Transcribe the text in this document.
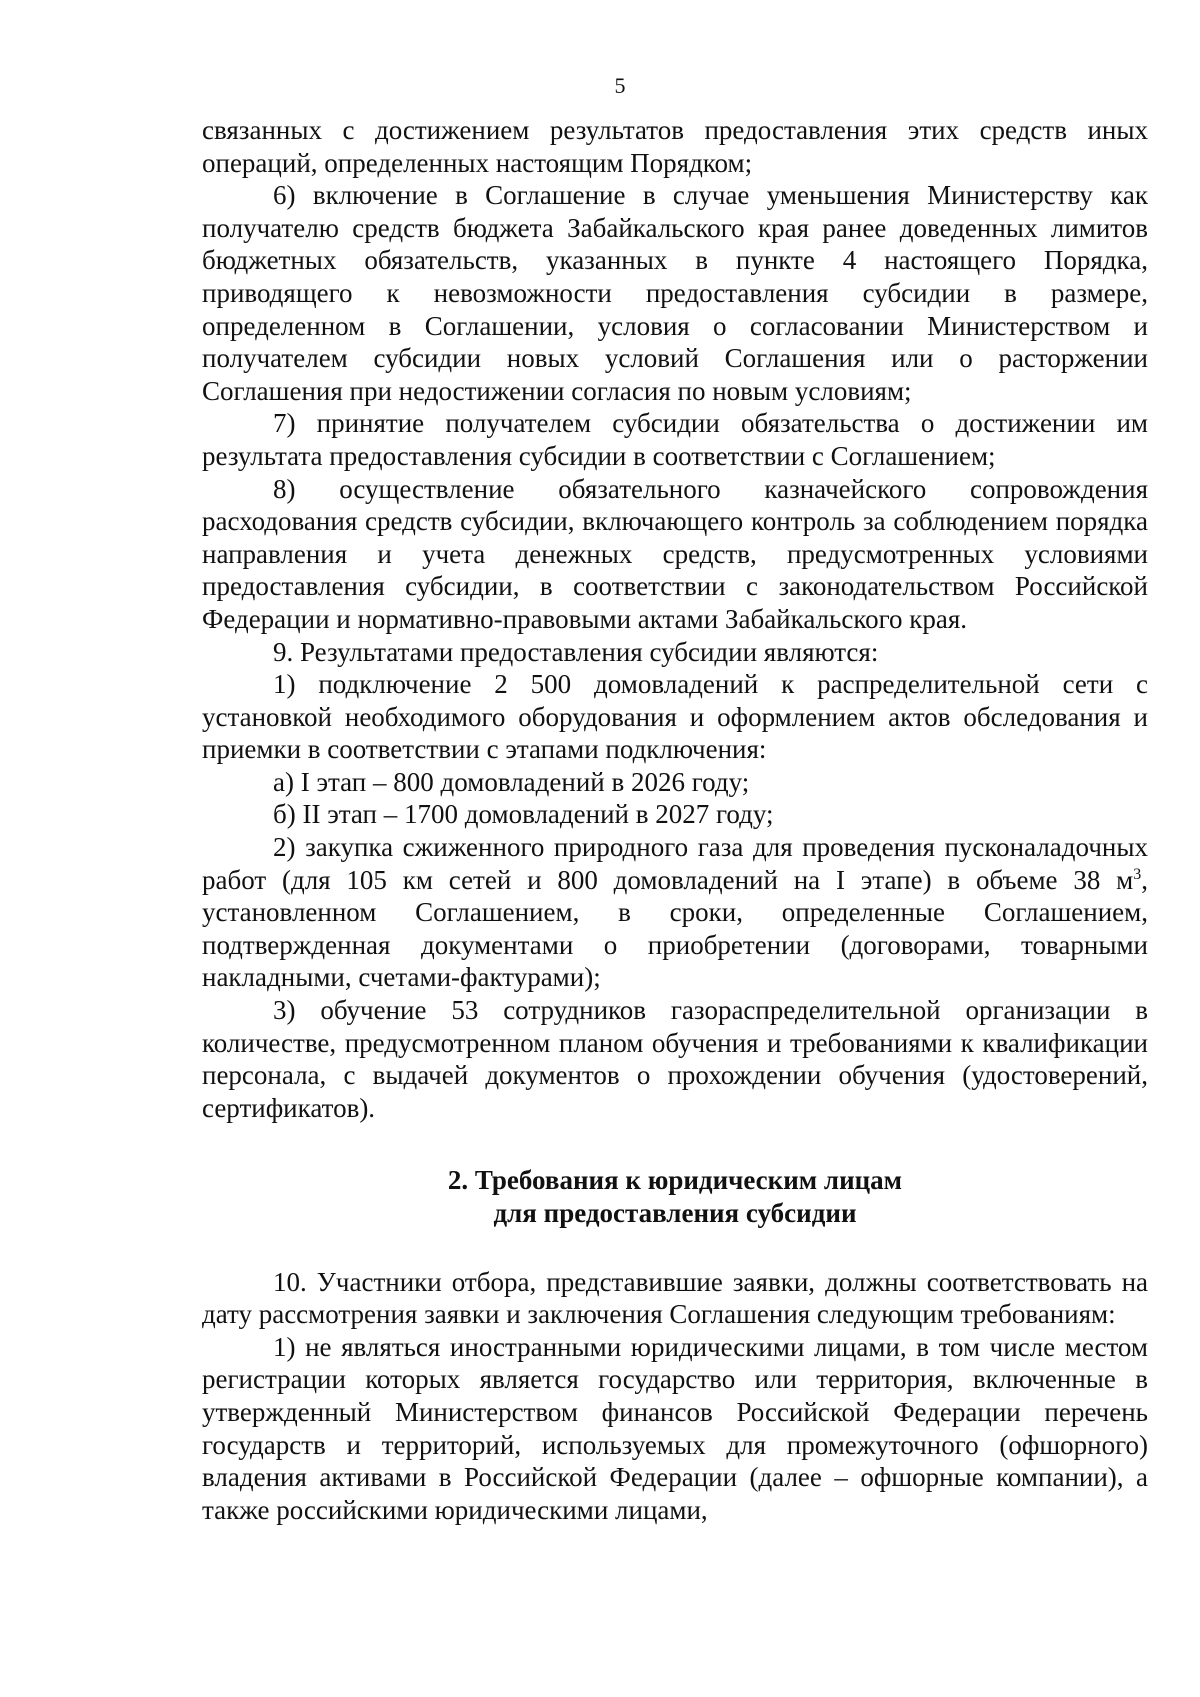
5

связанных с достижением результатов предоставления этих средств иных операций, определенных настоящим Порядком;

6) включение в Соглашение в случае уменьшения Министерству как получателю средств бюджета Забайкальского края ранее доведенных лимитов бюджетных обязательств, указанных в пункте 4 настоящего Порядка, приводящего к невозможности предоставления субсидии в размере, определенном в Соглашении, условия о согласовании Министерством и получателем субсидии новых условий Соглашения или о расторжении Соглашения при недостижении согласия по новым условиям;

7) принятие получателем субсидии обязательства о достижении им результата предоставления субсидии в соответствии с Соглашением;

8) осуществление обязательного казначейского сопровождения расходования средств субсидии, включающего контроль за соблюдением порядка направления и учета денежных средств, предусмотренных условиями предоставления субсидии, в соответствии с законодательством Российской Федерации и нормативно-правовыми актами Забайкальского края.

9. Результатами предоставления субсидии являются:

1) подключение 2 500 домовладений к распределительной сети с установкой необходимого оборудования и оформлением актов обследования и приемки в соответствии с этапами подключения:

а) I этап – 800 домовладений в 2026 году;

б) II этап – 1700 домовладений в 2027 году;

2) закупка сжиженного природного газа для проведения пусконаладочных работ (для 105 км сетей и 800 домовладений на I этапе) в объеме 38 $м^3$, установленном Соглашением, в сроки, определенные Соглашением, подтвержденная документами о приобретении (договорами, товарными накладными, счетами-фактурами);

3) обучение 53 сотрудников газораспределительной организации в количестве, предусмотренном планом обучения и требованиями к квалификации персонала, с выдачей документов о прохождении обучения (удостоверений, сертификатов).

2. Требования к юридическим лицам

для предоставления субсидии

10. Участники отбора, представившие заявки, должны соответствовать на дату рассмотрения заявки и заключения Соглашения следующим требованиям:

1) не являться иностранными юридическими лицами, в том числе местом регистрации которых является государство или территория, включенные в утвержденный Министерством финансов Российской Федерации перечень государств и территорий, используемых для промежуточного (офшорного) владения активами в Российской Федерации (далее – офшорные компании), а также российскими юридическими лицами,
